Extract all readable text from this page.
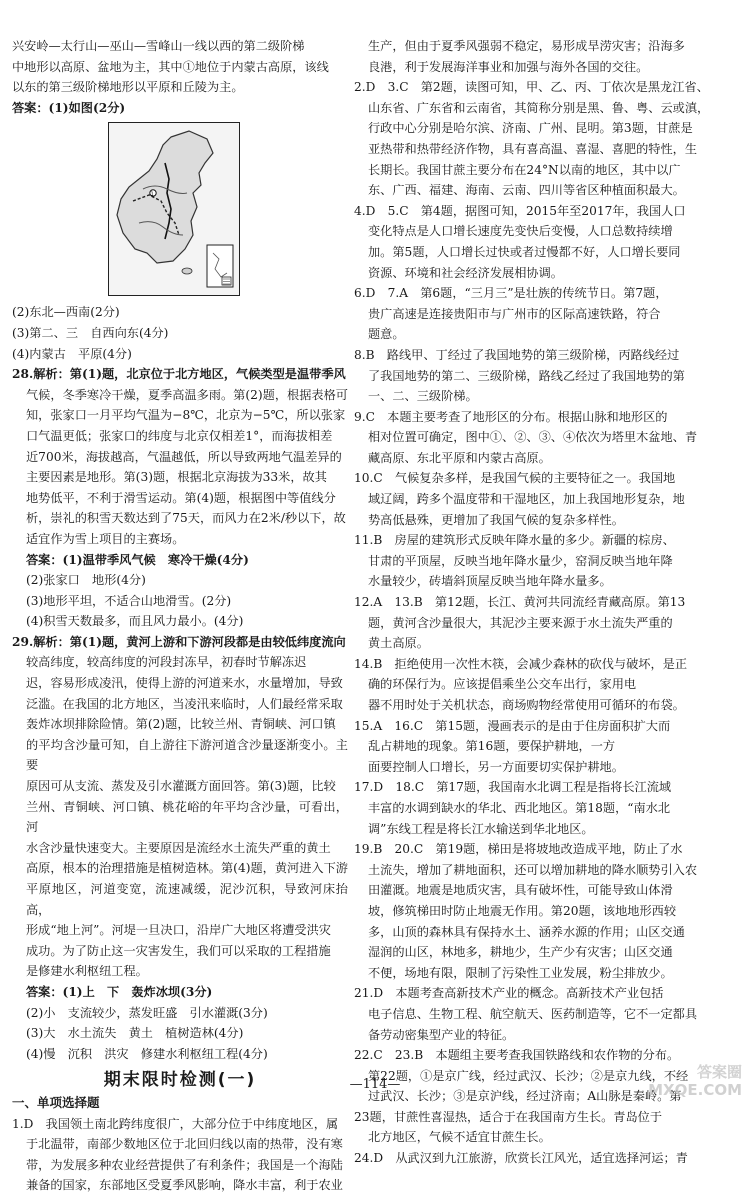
兴安岭—太行山—巫山—雪峰山一线以西的第二级阶梯

中地形以高原、盆地为主，其中①地位于内蒙古高原，该线

以东的第三级阶梯地形以平原和丘陵为主。

答案：(1)如图(2分)

1

(2)东北—西南(2分)

(3)第二、三　自西向东(4分)

(4)内蒙古　平原(4分)

28.解析：第(1)题，北京位于北方地区，气候类型是温带季风

气候，冬季寒冷干燥，夏季高温多雨。第(2)题，根据表格可

知，张家口一月平均气温为−8℃，北京为−5℃，所以张家

口气温更低；张家口的纬度与北京仅相差1°，而海拔相差

近700米，海拔越高，气温越低，所以导致两地气温差异的

主要因素是地形。第(3)题，根据北京海拔为33米，故其

地势低平，不利于滑雪运动。第(4)题，根据图中等值线分

析，崇礼的积雪天数达到了75天，而风力在2米/秒以下，故

适宜作为雪上项目的主赛场。

答案：(1)温带季风气候　寒冷干燥(4分)

(2)张家口　地形(4分)

(3)地形平坦，不适合山地滑雪。(2分)

(4)积雪天数最多，而且风力最小。(4分)

29.解析：第(1)题，黄河上游和下游河段都是由较低纬度流向

较高纬度，较高纬度的河段封冻早，初春时节解冻迟

迟，容易形成凌汛，使得上游的河道来水，水量增加，导致

泛滥。在我国的北方地区，当凌汛来临时，人们最经常采取

轰炸冰坝排除险情。第(2)题，比较兰州、青铜峡、河口镇

的平均含沙量可知，自上游往下游河道含沙量逐渐变小。主要

原因可从支流、蒸发及引水灌溉方面回答。第(3)题，比较

兰州、青铜峡、河口镇、桃花峪的年平均含沙量，可看出，河

水含沙量快速变大。主要原因是流经水土流失严重的黄土

高原，根本的治理措施是植树造林。第(4)题，黄河进入下游

平原地区，河道变宽，流速减缓，泥沙沉积，导致河床抬高，

形成“地上河”。河堤一旦决口，沿岸广大地区将遭受洪灾

成功。为了防止这一灾害发生，我们可以采取的工程措施

是修建水利枢纽工程。

答案：(1)上　下　轰炸冰坝(3分)

(2)小　支流较少，蒸发旺盛　引水灌溉(3分)

(3)大　水土流失　黄土　植树造林(4分)

(4)慢　沉积　洪灾　修建水利枢纽工程(4分)

期末限时检测(一)

一、单项选择题

1.D　我国领土南北跨纬度很广，大部分位于中纬度地区，属

于北温带，南部少数地区位于北回归线以南的热带，没有寒

带，为发展多种农业经营提供了有利条件；我国是一个海陆

兼备的国家，东部地区受夏季风影响，降水丰富，利于农业

生产，但由于夏季风强弱不稳定，易形成旱涝灾害；沿海多

良港，利于发展海洋事业和加强与海外各国的交往。

2.D　3.C　第2题，读图可知，甲、乙、丙、丁依次是黑龙江省、

山东省、广东省和云南省，其简称分别是黑、鲁、粤、云或滇，

行政中心分别是哈尔滨、济南、广州、昆明。第3题，甘蔗是

亚热带和热带经济作物，具有喜高温、喜湿、喜肥的特性，生

长期长。我国甘蔗主要分布在24°N以南的地区，其中以广

东、广西、福建、海南、云南、四川等省区种植面积最大。

4.D　5.C　第4题，据图可知，2015年至2017年，我国人口

变化特点是人口增长速度先变快后变慢，人口总数持续增

加。第5题，人口增长过快或者过慢都不好，人口增长要同

资源、环境和社会经济发展相协调。

6.D　7.A　第6题，“三月三”是壮族的传统节日。第7题，

贵广高速是连接贵阳市与广州市的区际高速铁路，符合

题意。

8.B　路线甲、丁经过了我国地势的第三级阶梯，丙路线经过

了我国地势的第二、三级阶梯，路线乙经过了我国地势的第

一、二、三级阶梯。

9.C　本题主要考查了地形区的分布。根据山脉和地形区的

相对位置可确定，图中①、②、③、④依次为塔里木盆地、青

藏高原、东北平原和内蒙古高原。

10.C　气候复杂多样，是我国气候的主要特征之一。我国地

域辽阔，跨多个温度带和干湿地区，加上我国地形复杂，地

势高低悬殊，更增加了我国气候的复杂多样性。

11.B　房屋的建筑形式反映年降水量的多少。新疆的棕房、

甘肃的平顶屋，反映当地年降水量少，窑洞反映当地年降

水量较少，砖墙斜顶屋反映当地年降水量多。

12.A　13.B　第12题，长江、黄河共同流经青藏高原。第13

题，黄河含沙量很大，其泥沙主要来源于水土流失严重的

黄土高原。

14.B　拒绝使用一次性木筷，会减少森林的砍伐与破坏，是正

确的环保行为。应该提倡乘坐公交车出行，家用电

器不用时处于关机状态，商场购物经常使用可循环的布袋。

15.A　16.C　第15题，漫画表示的是由于住房面积扩大而

乱占耕地的现象。第16题，要保护耕地，一方

面要控制人口增长，另一方面要切实保护耕地。

17.D　18.C　第17题，我国南水北调工程是指将长江流域

丰富的水调到缺水的华北、西北地区。第18题，“南水北

调”东线工程是将长江水输送到华北地区。

19.B　20.C　第19题，梯田是将坡地改造成平地，防止了水

土流失，增加了耕地面积，还可以增加耕地的降水顺势引入农

田灌溉。地震是地质灾害，具有破坏性，可能导致山体滑

坡，修筑梯田时防止地震无作用。第20题，该地地形西较

多，山顶的森林具有保持水土、涵养水源的作用；山区交通

湿润的山区，林地多，耕地少，生产少有灾害；山区交通

不便，场地有限，限制了污染性工业发展，粉尘排放少。

21.D　本题考查高新技术产业的概念。高新技术产业包括

电子信息、生物工程、航空航天、医药制造等，它不一定都具

备劳动密集型产业的特征。

22.C　23.B　本题组主要考查我国铁路线和农作物的分布。

第22题，①是京广线，经过武汉、长沙；②是京九线，不经

过武汉、长沙；③是京沪线，经过济南；A山脉是秦岭。第

23题，甘蔗性喜湿热，适合于在我国南方生长。青岛位于

北方地区，气候不适宜甘蔗生长。

24.D　从武汉到九江旅游，欣赏长江风光，适宜选择河运；青

—114—
答案圈 MXQE.COM
